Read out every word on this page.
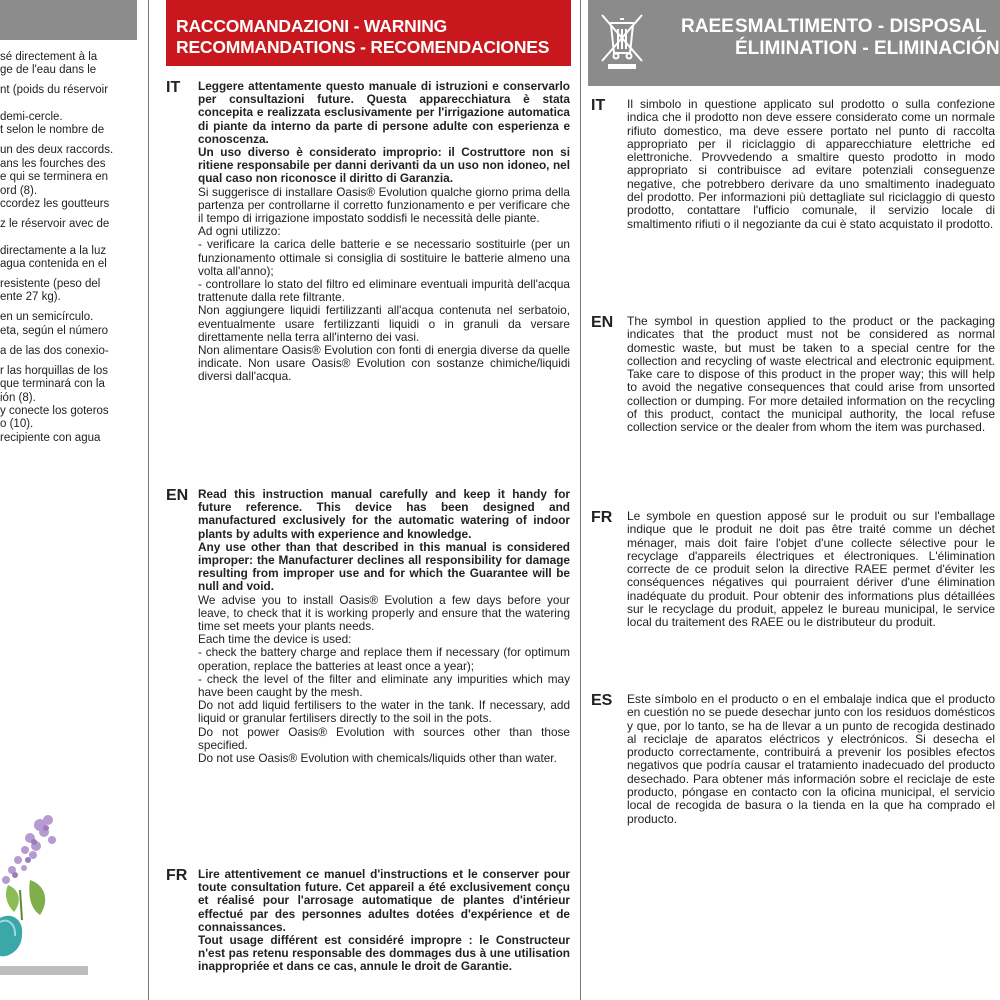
sé directement à la

ge de l'eau dans le

nt (poids du réservoir

demi-cercle.

t selon le nombre de

un des deux raccords.

ans les fourches des

e qui se terminera en

ord (8).

ccordez les goutteurs

z le réservoir avec de

directamente a la luz

agua contenida en el

resistente (peso del

ente 27 kg).

en un semicírculo.

eta, según el número

a de las dos conexio-

r las horquillas de los

que terminará con la

ión (8).

y conecte los goteros

o (10).

recipiente con agua

RACCOMANDAZIONI - WARNING
RECOMMANDATIONS - RECOMENDACIONES
IT Leggere attentamente questo manuale di istruzioni e conservarlo per consultazioni future. Questa apparecchiatura è stata concepita e realizzata esclusivamente per l'irrigazione automatica di piante da interno da parte di persone adulte con esperienza e conoscenza.

Un uso diverso è considerato improprio: il Costruttore non si ritiene responsabile per danni derivanti da un uso non idoneo, nel qual caso non riconosce il diritto di Garanzia.

Si suggerisce di installare Oasis® Evolution qualche giorno prima della partenza per controllarne il corretto funzionamento e per verificare che il tempo di irrigazione impostato soddisfi le necessità delle piante.

Ad ogni utilizzo:

- verificare la carica delle batterie e se necessario sostituirle (per un funzionamento ottimale si consiglia di sostituire le batterie almeno una volta all'anno);

- controllare lo stato del filtro ed eliminare eventuali impurità dell'acqua trattenute dalla rete filtrante.

Non aggiungere liquidi fertilizzanti all'acqua contenuta nel serbatoio, eventualmente usare fertilizzanti liquidi o in granuli da versare direttamente nella terra all'interno dei vasi.

Non alimentare Oasis® Evolution con fonti di energia diverse da quelle indicate. Non usare Oasis® Evolution con sostanze chimiche/liquidi diversi dall'acqua.

EN Read this instruction manual carefully and keep it handy for future reference. This device has been designed and manufactured exclusively for the automatic watering of indoor plants by adults with experience and knowledge.

Any use other than that described in this manual is considered improper: the Manufacturer declines all responsibility for damage resulting from improper use and for which the Guarantee will be null and void.

We advise you to install Oasis® Evolution a few days before your leave, to check that it is working properly and ensure that the watering time set meets your plants needs.

Each time the device is used:

- check the battery charge and replace them if necessary (for optimum operation, replace the batteries at least once a year);

- check the level of the filter and eliminate any impurities which may have been caught by the mesh.

Do not add liquid fertilisers to the water in the tank. If necessary, add liquid or granular fertilisers directly to the soil in the pots.

Do not power Oasis® Evolution with sources other than those specified.

Do not use Oasis® Evolution with chemicals/liquids other than water.

FR Lire attentivement ce manuel d'instructions et le conserver pour toute consultation future. Cet appareil a été exclusivement conçu et réalisé pour l'arrosage automatique de plantes d'intérieur effectué par des personnes adultes dotées d'expérience et de connaissances.

Tout usage différent est considéré impropre : le Constructeur n'est pas retenu responsable des dommages dus à une utilisation inappropriée et dans ce cas, annule le droit de Garantie.

RAEE SMALTIMENTO - DISPOSAL
ÉLIMINATION - ELIMINACIÓN
IT Il simbolo in questione applicato sul prodotto o sulla confezione indica che il prodotto non deve essere considerato come un normale rifiuto domestico, ma deve essere portato nel punto di raccolta appropriato per il riciclaggio di apparecchiature elettriche ed elettroniche. Provvedendo a smaltire questo prodotto in modo appropriato si contribuisce ad evitare potenziali conseguenze negative, che potrebbero derivare da uno smaltimento inadeguato del prodotto. Per informazioni più dettagliate sul riciclaggio di questo prodotto, contattare l'ufficio comunale, il servizio locale di smaltimento rifiuti o il negoziante da cui è stato acquistato il prodotto.

EN The symbol in question applied to the product or the packaging indicates that the product must not be considered as normal domestic waste, but must be taken to a special centre for the collection and recycling of waste electrical and electronic equipment. Take care to dispose of this product in the proper way; this will help to avoid the negative consequences that could arise from unsorted collection or dumping. For more detailed information on the recycling of this product, contact the municipal authority, the local refuse collection service or the dealer from whom the item was purchased.

FR Le symbole en question apposé sur le produit ou sur l'emballage indique que le produit ne doit pas être traité comme un déchet ménager, mais doit faire l'objet d'une collecte sélective pour le recyclage d'appareils électriques et électroniques. L'élimination correcte de ce produit selon la directive RAEE permet d'éviter les conséquences négatives qui pourraient dériver d'une élimination inadéquate du produit. Pour obtenir des informations plus détaillées sur le recyclage du produit, appelez le bureau municipal, le service local du traitement des RAEE ou le distributeur du produit.

ES Este símbolo en el producto o en el embalaje indica que el producto en cuestión no se puede desechar junto con los residuos domésticos y que, por lo tanto, se ha de llevar a un punto de recogida destinado al reciclaje de aparatos eléctricos y electrónicos. Si desecha el producto correctamente, contribuirá a prevenir los posibles efectos negativos que podría causar el tratamiento inadecuado del producto desechado. Para obtener más información sobre el reciclaje de este producto, póngase en contacto con la oficina municipal, el servicio local de recogida de basura o la tienda en la que ha comprado el producto.
